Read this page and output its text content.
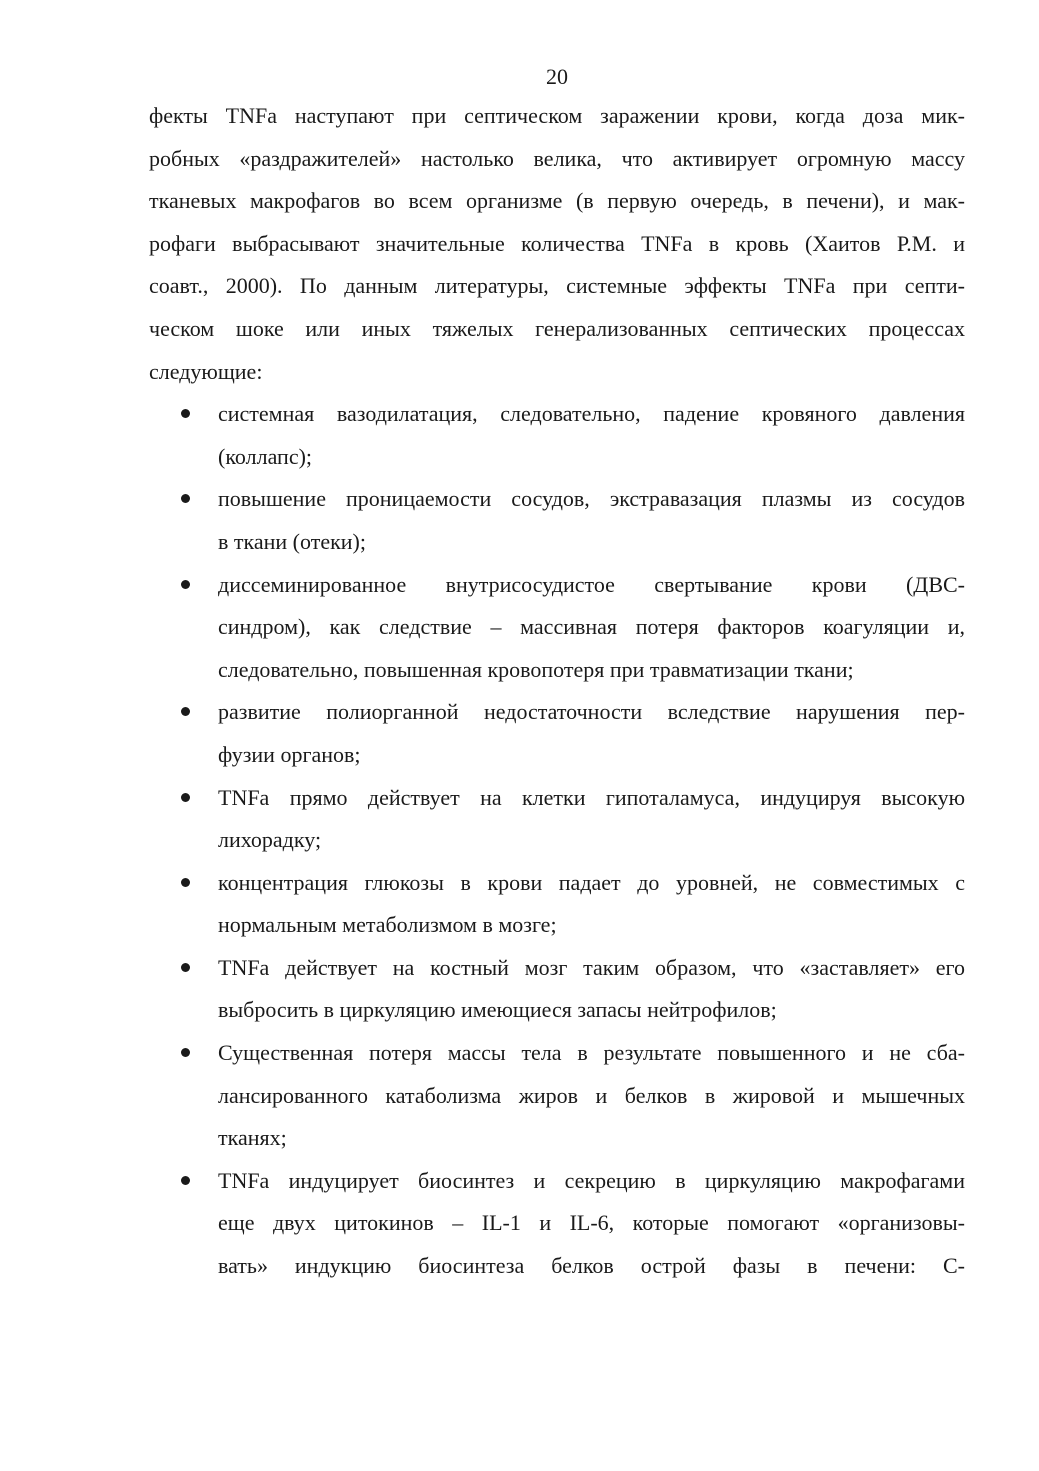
20
фекты TNFa наступают при септическом заражении крови, когда доза мик-
робных «раздражителей» настолько велика, что активирует огромную массу
тканевых макрофагов во всем организме (в первую очередь, в печени), и мак-
рофаги выбрасывают значительные количества TNFa в кровь (Хаитов Р.М. и
соавт., 2000). По данным литературы, системные эффекты TNFa при септи-
ческом шоке или иных тяжелых генерализованных септических процессах
следующие:
системная вазодилатация, следовательно, падение кровяного давления
(коллапс);
повышение проницаемости сосудов, экстравазация плазмы из сосудов
в ткани (отеки);
диссеминированное внутрисосудистое свертывание крови (ДВС-
синдром), как следствие – массивная потеря факторов коагуляции и,
следовательно, повышенная кровопотеря при травматизации ткани;
развитие полиорганной недостаточности вследствие нарушения пер-
фузии органов;
TNFa прямо действует на клетки гипоталамуса, индуцируя высокую
лихорадку;
концентрация глюкозы в крови падает до уровней, не совместимых с
нормальным метаболизмом в мозге;
TNFa действует на костный мозг таким образом, что «заставляет» его
выбросить в циркуляцию имеющиеся запасы нейтрофилов;
Существенная потеря массы тела в результате повышенного и не сба-
лансированного катаболизма жиров и белков в жировой и мышечных
тканях;
TNFa индуцирует биосинтез и секрецию в циркуляцию макрофагами
еще двух цитокинов – IL-1 и IL-6, которые помогают «организовы-
вать» индукцию биосинтеза белков острой фазы в печени: С-
